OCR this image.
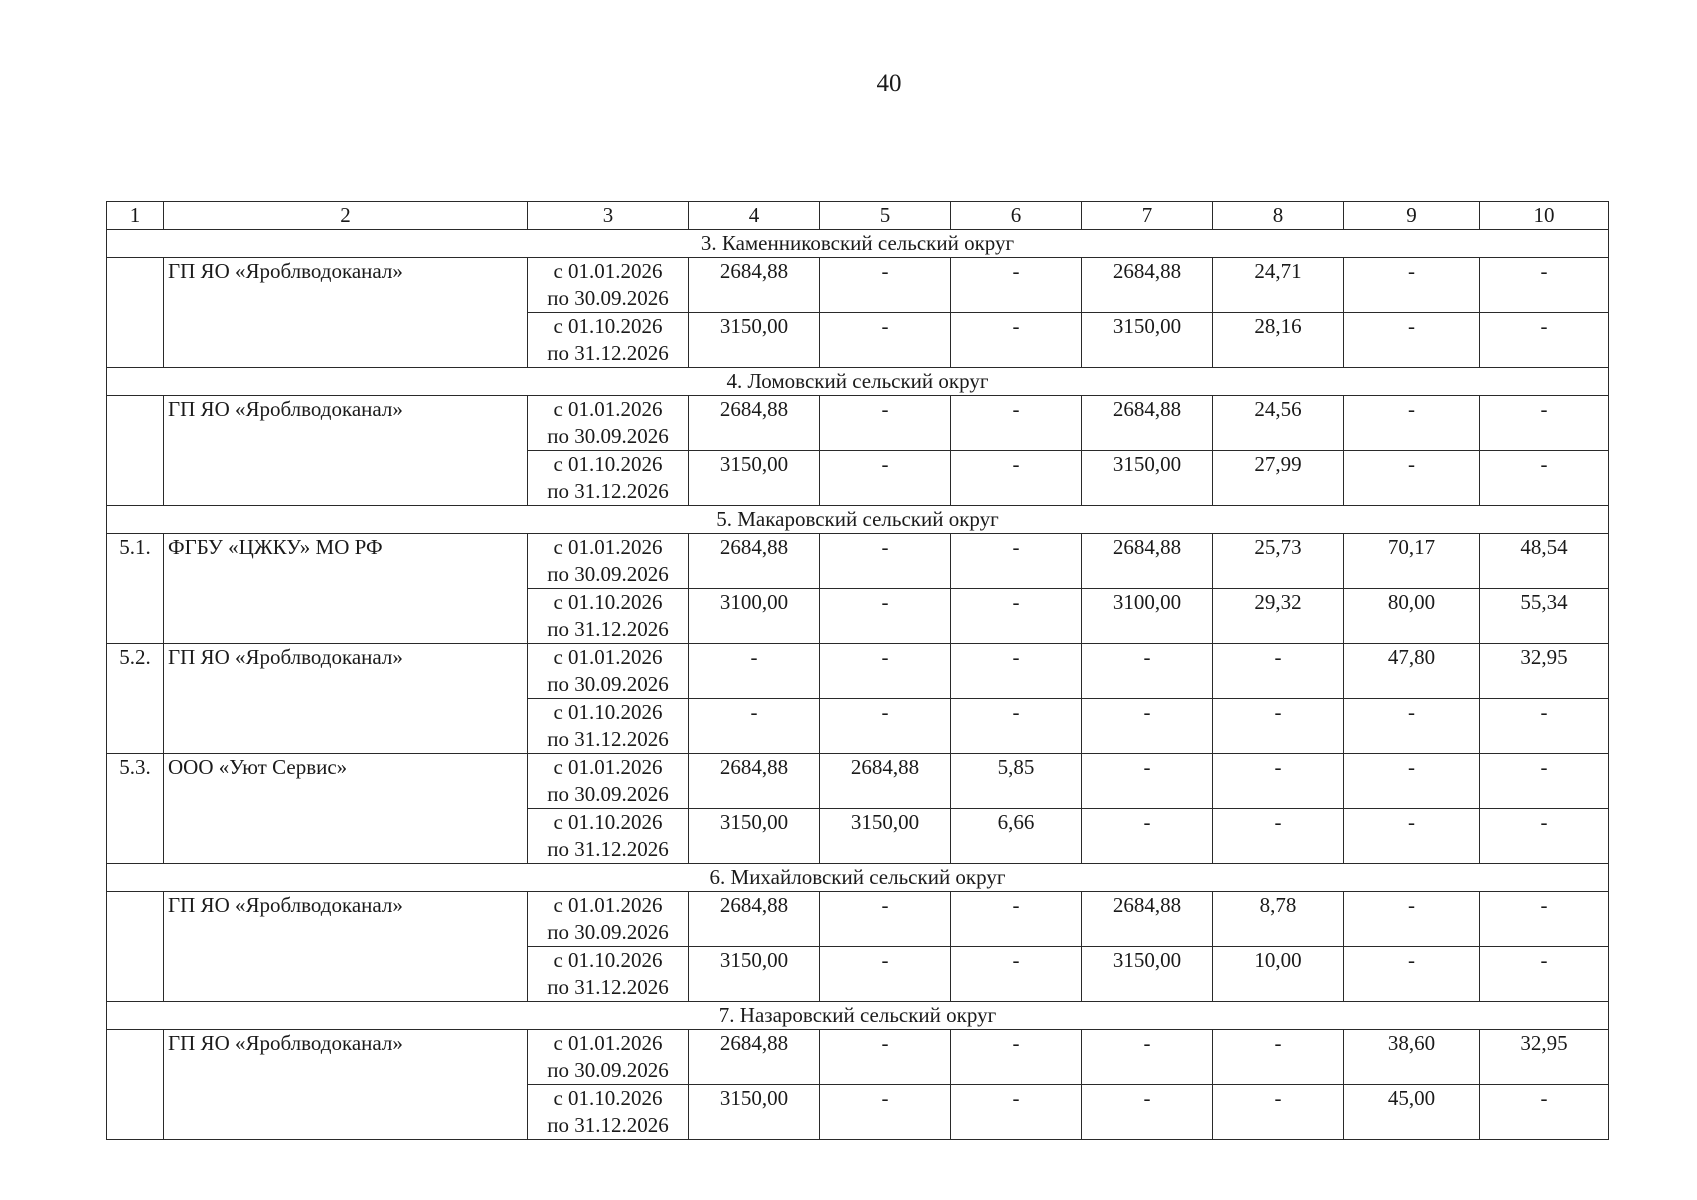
40
1	2	3	4	5	6	7	8	9	10
3. Каменниковский сельский округ									
	ГП ЯО «Яроблводоканал»	с 01.01.2026
по 30.09.2026	2684,88	-	-	2684,88	24,71	-	-

		с 01.10.2026
по 31.12.2026	3150,00	-	-	3150,00	28,16	-	-
4. Ломовский сельский округ									
	ГП ЯО «Яроблводоканал»	с 01.01.2026
по 30.09.2026	2684,88	-	-	2684,88	24,56	-	-

		с 01.10.2026
по 31.12.2026	3150,00	-	-	3150,00	27,99	-	-
5. Макаровский сельский округ									
5.1.	ФГБУ «ЦЖКУ» МО РФ	с 01.01.2026
по 30.09.2026	2684,88	-	-	2684,88	25,73	70,17	48,54

		с 01.10.2026
по 31.12.2026	3100,00	-	-	3100,00	29,32	80,00	55,34
5.2.	ГП ЯО «Яроблводоканал»	с 01.01.2026
по 30.09.2026	-	-	-	-	-	47,80	32,95

		с 01.10.2026
по 31.12.2026	-	-	-	-	-	-	-
5.3.	ООО «Уют Сервис»	с 01.01.2026
по 30.09.2026	2684,88	2684,88	5,85	-	-	-	-

		с 01.10.2026
по 31.12.2026	3150,00	3150,00	6,66	-	-	-	-
6. Михайловский сельский округ									
	ГП ЯО «Яроблводоканал»	с 01.01.2026
по 30.09.2026	2684,88	-	-	2684,88	8,78	-	-

		с 01.10.2026
по 31.12.2026	3150,00	-	-	3150,00	10,00	-	-
7. Назаровский сельский округ									
	ГП ЯО «Яроблводоканал»	с 01.01.2026
по 30.09.2026	2684,88	-	-	-	-	38,60	32,95

		с 01.10.2026
по 31.12.2026	3150,00	-	-	-	-	45,00	-
